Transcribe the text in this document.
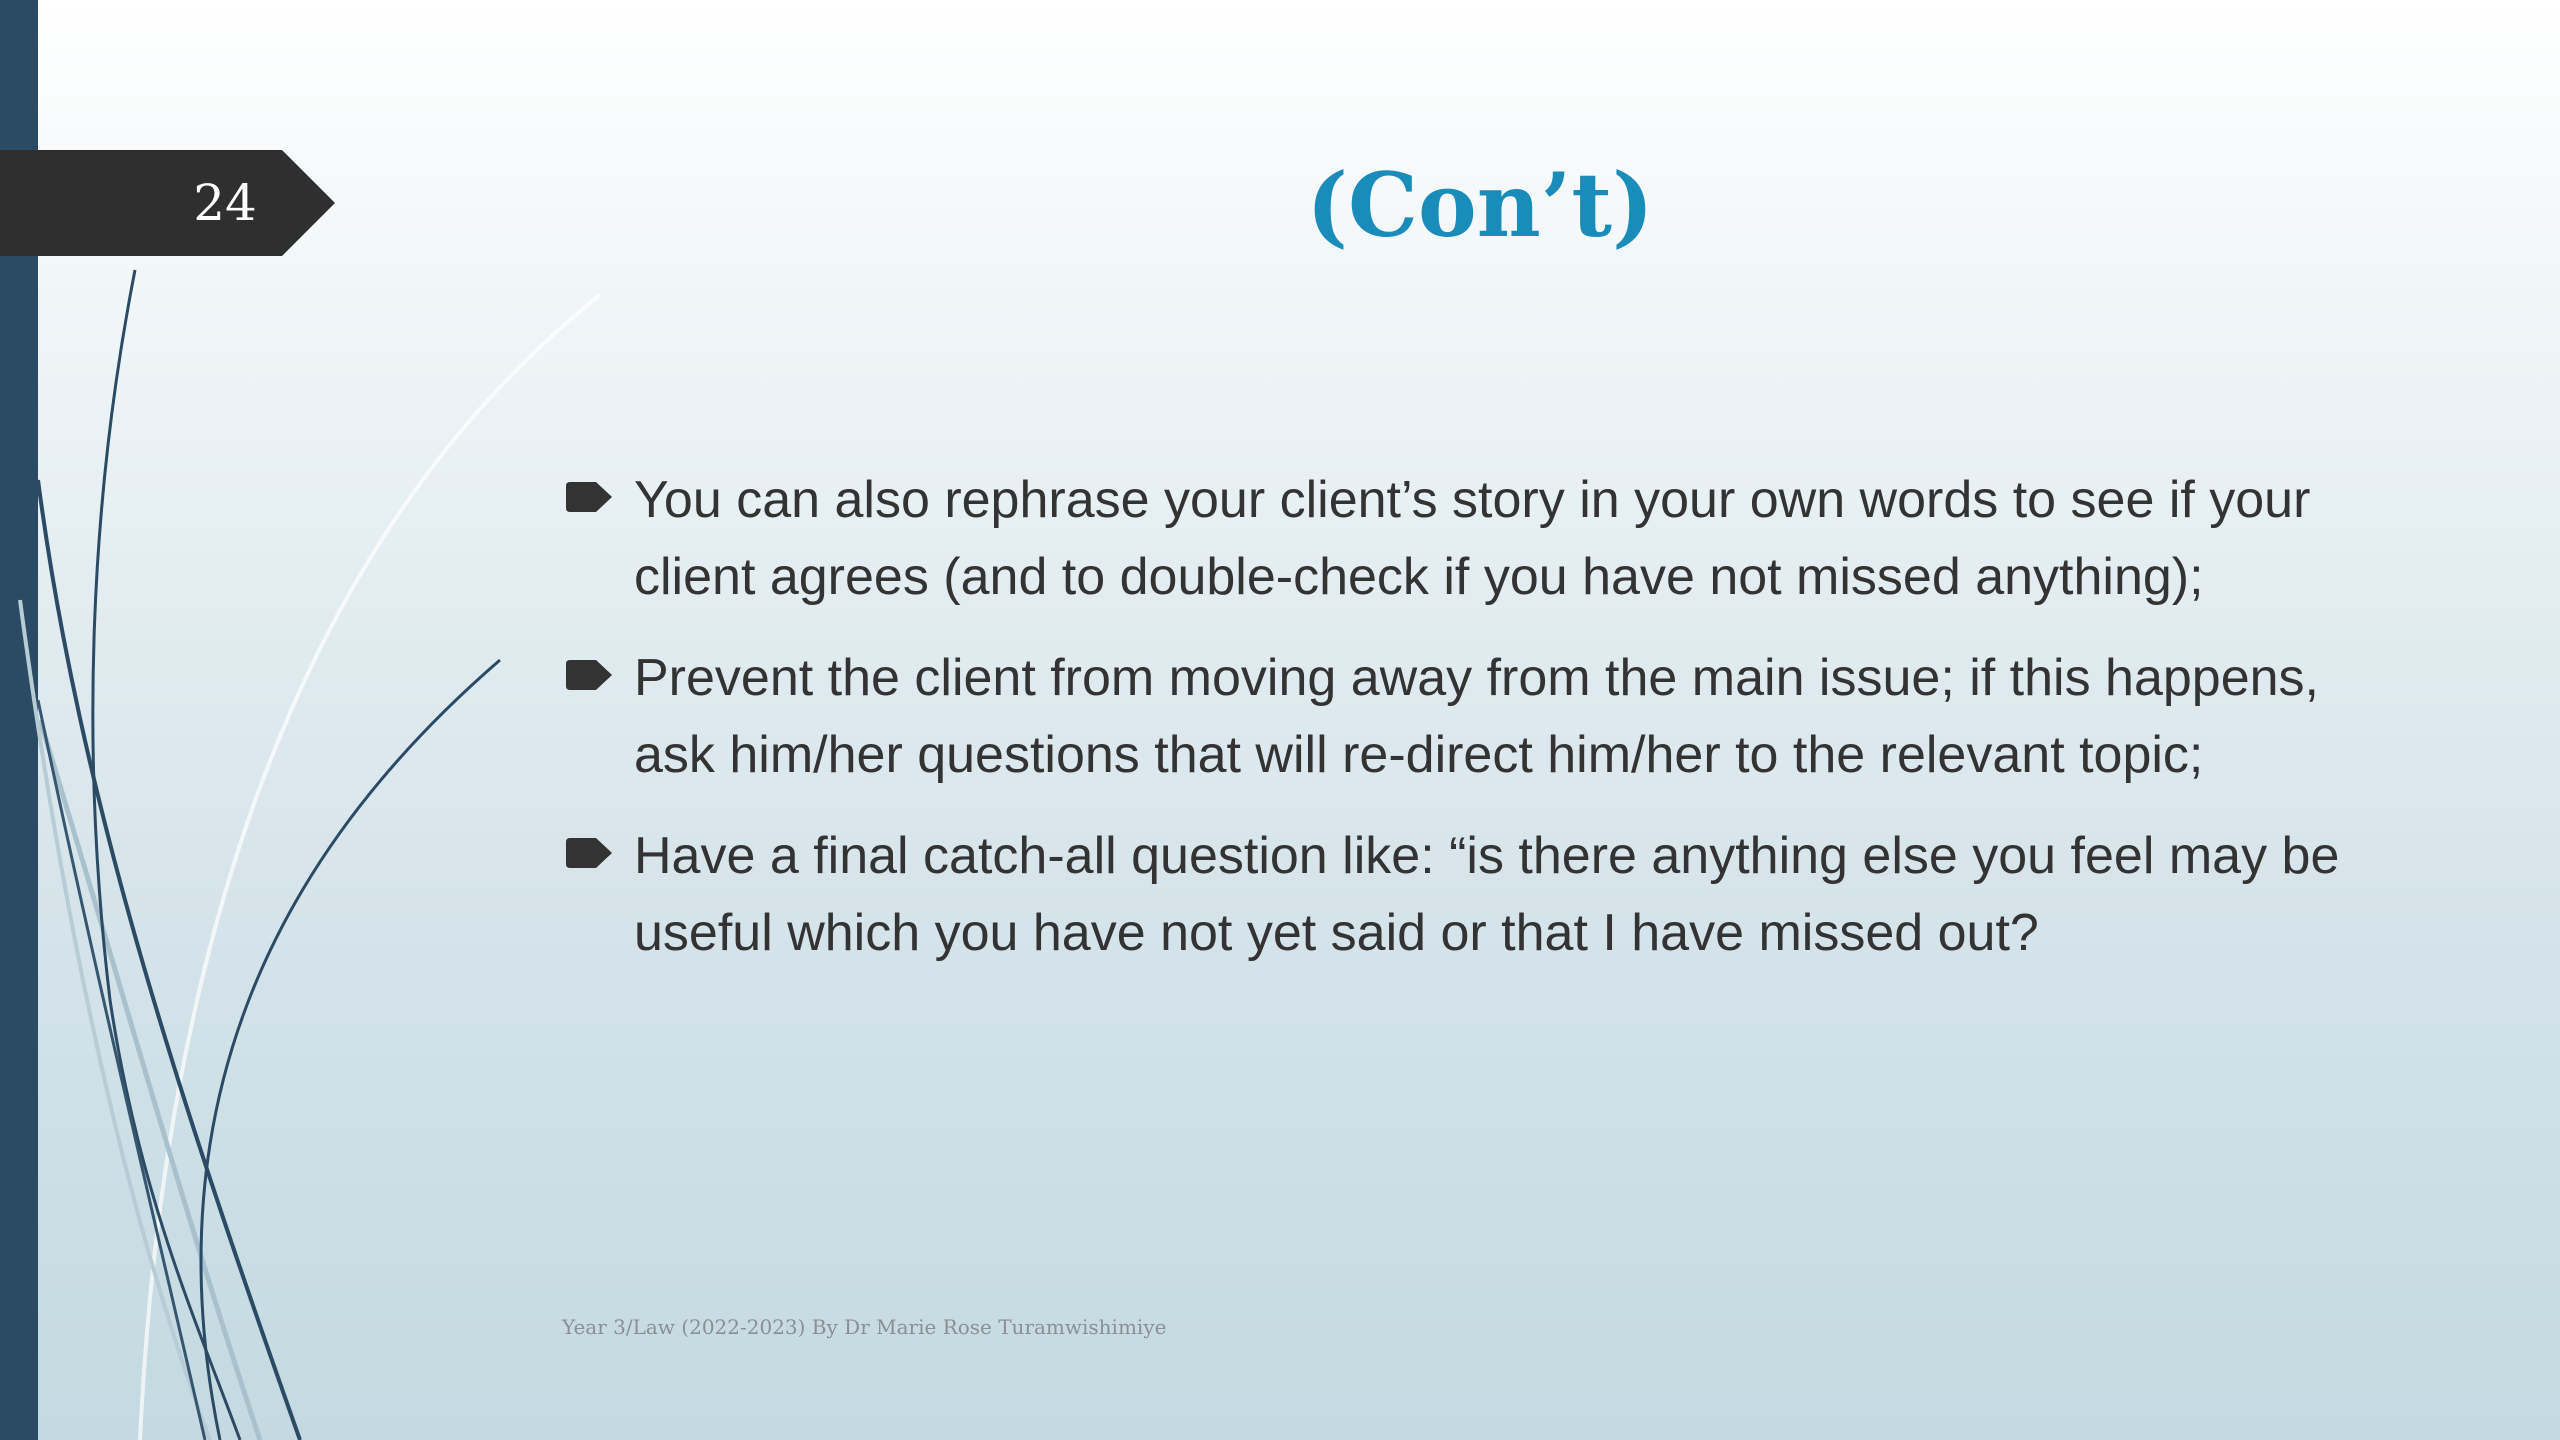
24	(Con’t)
You can also rephrase your client’s story in your own words to see if your client agrees (and to double-check if you have not missed anything);
Prevent the client from moving away from the main issue; if this happens, ask him/her questions that will re-direct him/her to the relevant topic;
Have a final catch-all question like: “is there anything else you feel may be useful which you have not yet said or that I have missed out?
Year 3/Law (2022-2023) By Dr Marie Rose Turamwishimiye
